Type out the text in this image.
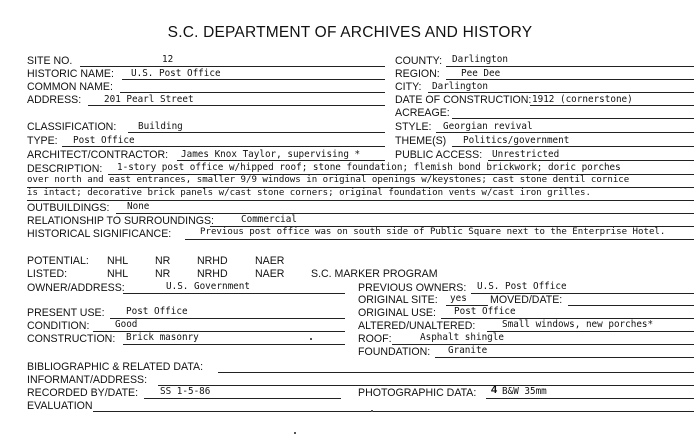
S.C. DEPARTMENT OF ARCHIVES AND HISTORY
SITE NO.	12	COUNTY: Darlington
HISTORIC NAME: U.S. Post Office	REGION: Pee Dee
COMMON NAME:	CITY: Darlington
ADDRESS: 201 Pearl Street	DATE OF CONSTRUCTION: 1912 (cornerstone)
ACREAGE:
CLASSIFICATION: Building	STYLE: Georgian revival
TYPE: Post Office	THEME(S) Politics/government
ARCHITECT/CONTRACTOR: James Knox Taylor, supervising *	PUBLIC ACCESS: Unrestricted
DESCRIPTION: 1-story post office w/hipped roof; stone foundation; flemish bond brickwork; doric porches
over north and east entrances, smaller 9/9 windows in original openings w/keystones; cast stone dentil cornice
is intact; decorative brick panels w/cast stone corners; original foundation vents w/cast iron grilles.
OUTBUILDINGS: None
RELATIONSHIP TO SURROUNDINGS:	Commercial
HISTORICAL SIGNIFICANCE:	Previous post office was on south side of Public Square next to the Enterprise Hotel.
POTENTIAL: NHL	NR	NRHD	NAER
LISTED:	NHL	NR	NRHD	NAER	S.C. MARKER PROGRAM
OWNER/ADDRESS:	U.S. Government	PREVIOUS OWNERS: U.S. Post Office
ORIGINAL SITE: yes MOVED/DATE:
PRESENT USE: Post Office	ORIGINAL USE: Post Office
CONDITION:	Good	ALTERED/UNALTERED:	Small windows, new porches*
CONSTRUCTION: Brick masonry	ROOF:	Asphalt shingle
FOUNDATION: Granite
BIBLIOGRAPHIC & RELATED DATA:
INFORMANT/ADDRESS:
RECORDED BY/DATE: SS 1-5-86	PHOTOGRAPHIC DATA: 4 B&W 35mm
EVALUATION
